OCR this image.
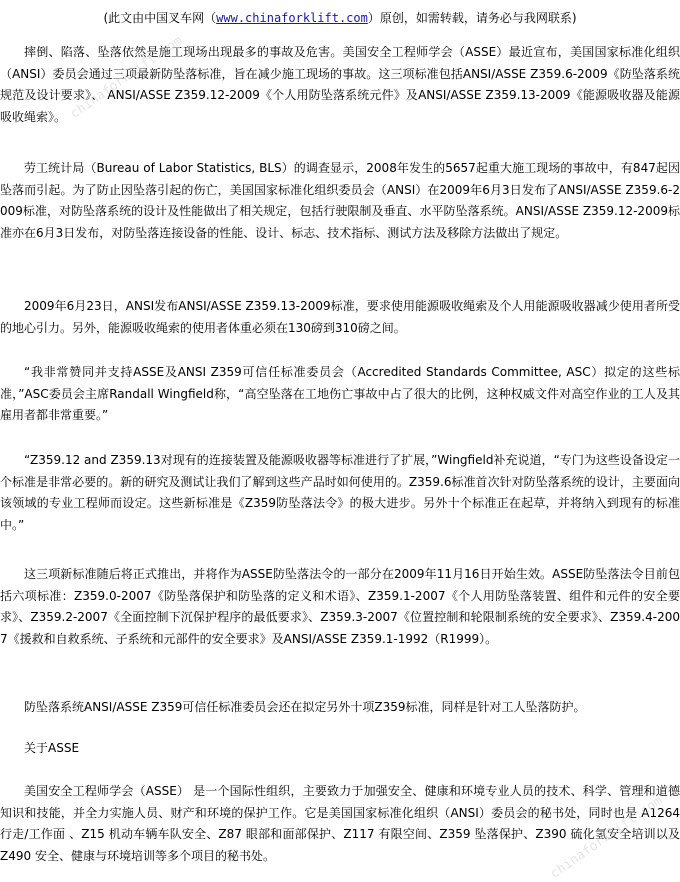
(此文由中国叉车网（www.chinaforklift.com）原创，如需转载，请务必与我网联系)

摔倒、陷落、坠落依然是施工现场出现最多的事故及危害。美国安全工程师学会（ASSE）最近宣布，美国国家标准化组织（ANSI）委员会通过三项最新防坠落标准，旨在减少施工现场的事故。这三项标准包括ANSI/ASSE Z359.6-2009《防坠落系统规范及设计要求》、 ANSI/ASSE Z359.12-2009《个人用防坠落系统元件》及ANSI/ASSE Z359.13-2009《能源吸收器及能源吸收绳索》。

劳工统计局（Bureau of Labor Statistics, BLS）的调查显示，2008年发生的5657起重大施工现场的事故中，有847起因坠落而引起。为了防止因坠落引起的伤亡，美国国家标准化组织委员会（ANSI）在2009年6月3日发布了ANSI/ASSE Z359.6-2009标准，对防坠落系统的设计及性能做出了相关规定，包括行驶限制及垂直、水平防坠落系统。ANSI/ASSE Z359.12-2009标准亦在6月3日发布，对防坠落连接设备的性能、设计、标志、技术指标、测试方法及移除方法做出了规定。

2009年6月23日，ANSI发布ANSI/ASSE Z359.13-2009标准，要求使用能源吸收绳索及个人用能源吸收器减少使用者所受的地心引力。另外，能源吸收绳索的使用者体重必须在130磅到310磅之间。

“我非常赞同并支持ASSE及ANSI Z359可信任标准委员会（Accredited Standards Committee, ASC）拟定的这些标准，”ASC委员会主席Randall Wingfield称，“高空坠落在工地伤亡事故中占了很大的比例，这种权威文件对高空作业的工人及其雇用者都非常重要。”

“Z359.12 and Z359.13对现有的连接装置及能源吸收器等标准进行了扩展，”Wingfield补充说道，“专门为这些设备设定一个标准是非常必要的。新的研究及测试让我们了解到这些产品时如何使用的。Z359.6标准首次针对防坠落系统的设计，主要面向该领域的专业工程师而设定。这些新标准是《Z359防坠落法令》的极大进步。另外十个标准正在起草，并将纳入到现有的标准中。”

这三项新标准随后将正式推出，并将作为ASSE防坠落法令的一部分在2009年11月16日开始生效。ASSE防坠落法令目前包括六项标准：Z359.0-2007《防坠落保护和防坠落的定义和术语》、Z359.1-2007《个人用防坠落装置、组件和元件的安全要求》、Z359.2-2007《全面控制下沉保护程序的最低要求》、Z359.3-2007《位置控制和轮限制系统的安全要求》、Z359.4-2007《援救和自救系统、子系统和元部件的安全要求》及ANSI/ASSE Z359.1-1992（R1999）。

防坠落系统ANSI/ASSE Z359可信任标准委员会还在拟定另外十项Z359标准，同样是针对工人坠落防护。

关于ASSE

美国安全工程师学会（ASSE） 是一个国际性组织，主要致力于加强安全、健康和环境专业人员的技术、科学、管理和道德知识和技能，并全力实施人员、财产和环境的保护工作。它是美国国家标准化组织（ANSI）委员会的秘书处，同时也是 A1264 行走/工作面 、Z15 机动车辆车队安全、Z87 眼部和面部保护、Z117 有限空间、Z359 坠落保护、Z390 硫化氢安全培训以及 Z490 安全、健康与环境培训等多个项目的秘书处。

chinaforklift.com
chinaforklift.com
